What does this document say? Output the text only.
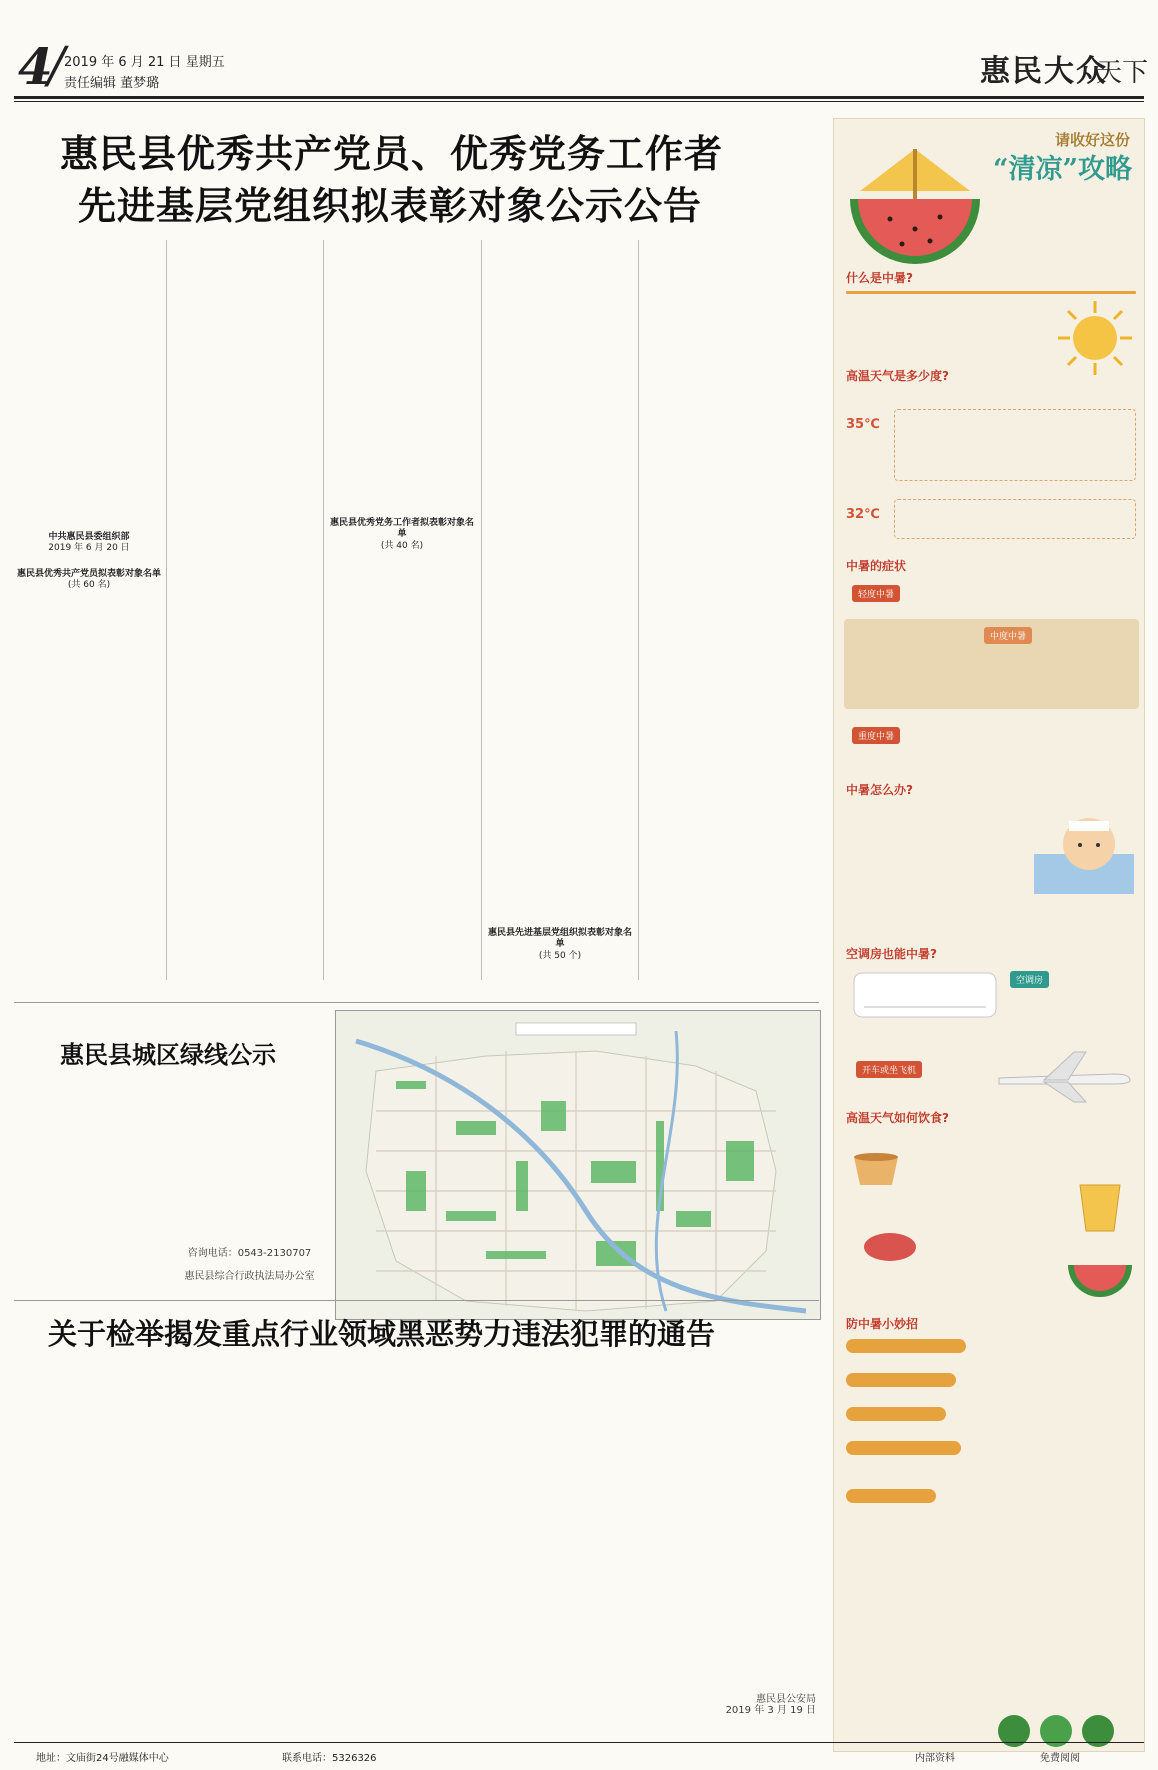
4
/ 2019 年 6 月 21 日 星期五
责任编辑 董梦璐	惠民大众
天下
惠民县优秀共产党员、优秀党务工作者
先进基层党组织拟表彰对象公示公告
中共惠民县委组织部
2019 年 6 月 20 日
惠民县优秀共产党员拟表彰对象名单
(共 60 名)
惠民县优秀党务工作者拟表彰对象名单
(共 40 名)
惠民县先进基层党组织拟表彰对象名单
(共 50 个)
惠民县城区绿线公示
咨询电话：0543-2130707
惠民县综合行政执法局办公室
关于检举揭发重点行业领域黑恶势力违法犯罪的通告
惠民县公安局
2019 年 3 月 19 日
请收好这份
“清凉”攻略
什么是中暑?
高温天气是多少度?
35℃
32℃
中暑的症状
轻度中暑
中度中暑
重度中暑
中暑怎么办?
空调房也能中暑?
空调房
开车或坐飞机
高温天气如何饮食?
防中暑小妙招
地址：文庙街24号融媒体中心	联系电话：5326326	内部资料	免费阅阅
